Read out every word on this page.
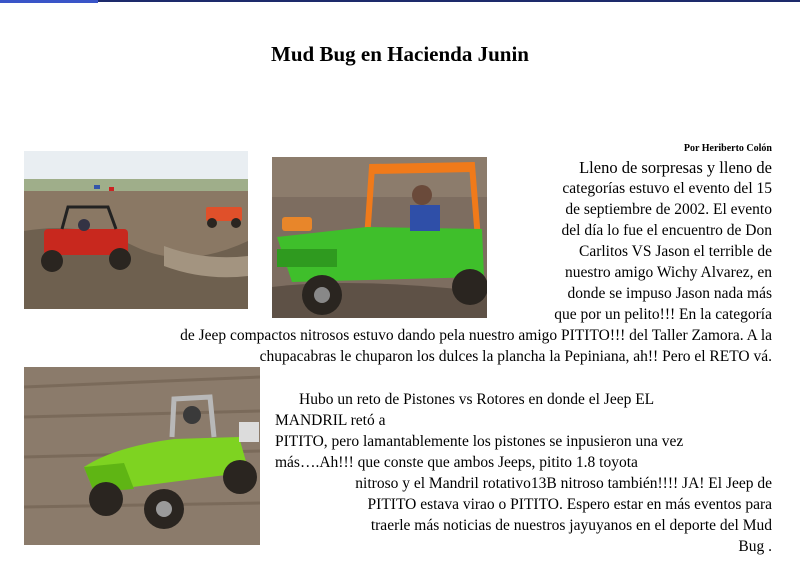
Mud Bug en Hacienda Junin
Por Heriberto Colón
Lleno de sorpresas y lleno de
categorías estuvo el evento del 15
de septiembre de 2002. El evento
del día lo fue el encuentro de Don
Carlitos VS Jason el terrible de
nuestro amigo Wichy Alvarez, en
donde se impuso Jason nada más
que por un pelito!!! En la categoría
de Jeep compactos nitrosos estuvo dando pela nuestro amigo PITITO!!! del Taller Zamora. A la
chupacabras le chuparon los dulces la plancha la Pepiniana, ah!! Pero el RETO vá.
Hubo un reto de Pistones vs Rotores en donde el Jeep EL
MANDRIL retó a
PITITO, pero lamantablemente los pistones se inpusieron una vez
más….Ah!!! que conste que ambos Jeeps, pitito 1.8 toyota
nitroso y el Mandril rotativo13B nitroso también!!!! JA! El Jeep de
PITITO estava virao o PITITO. Espero estar en más eventos para
traerle más noticias de nuestros jayuyanos en el deporte del Mud
Bug .
